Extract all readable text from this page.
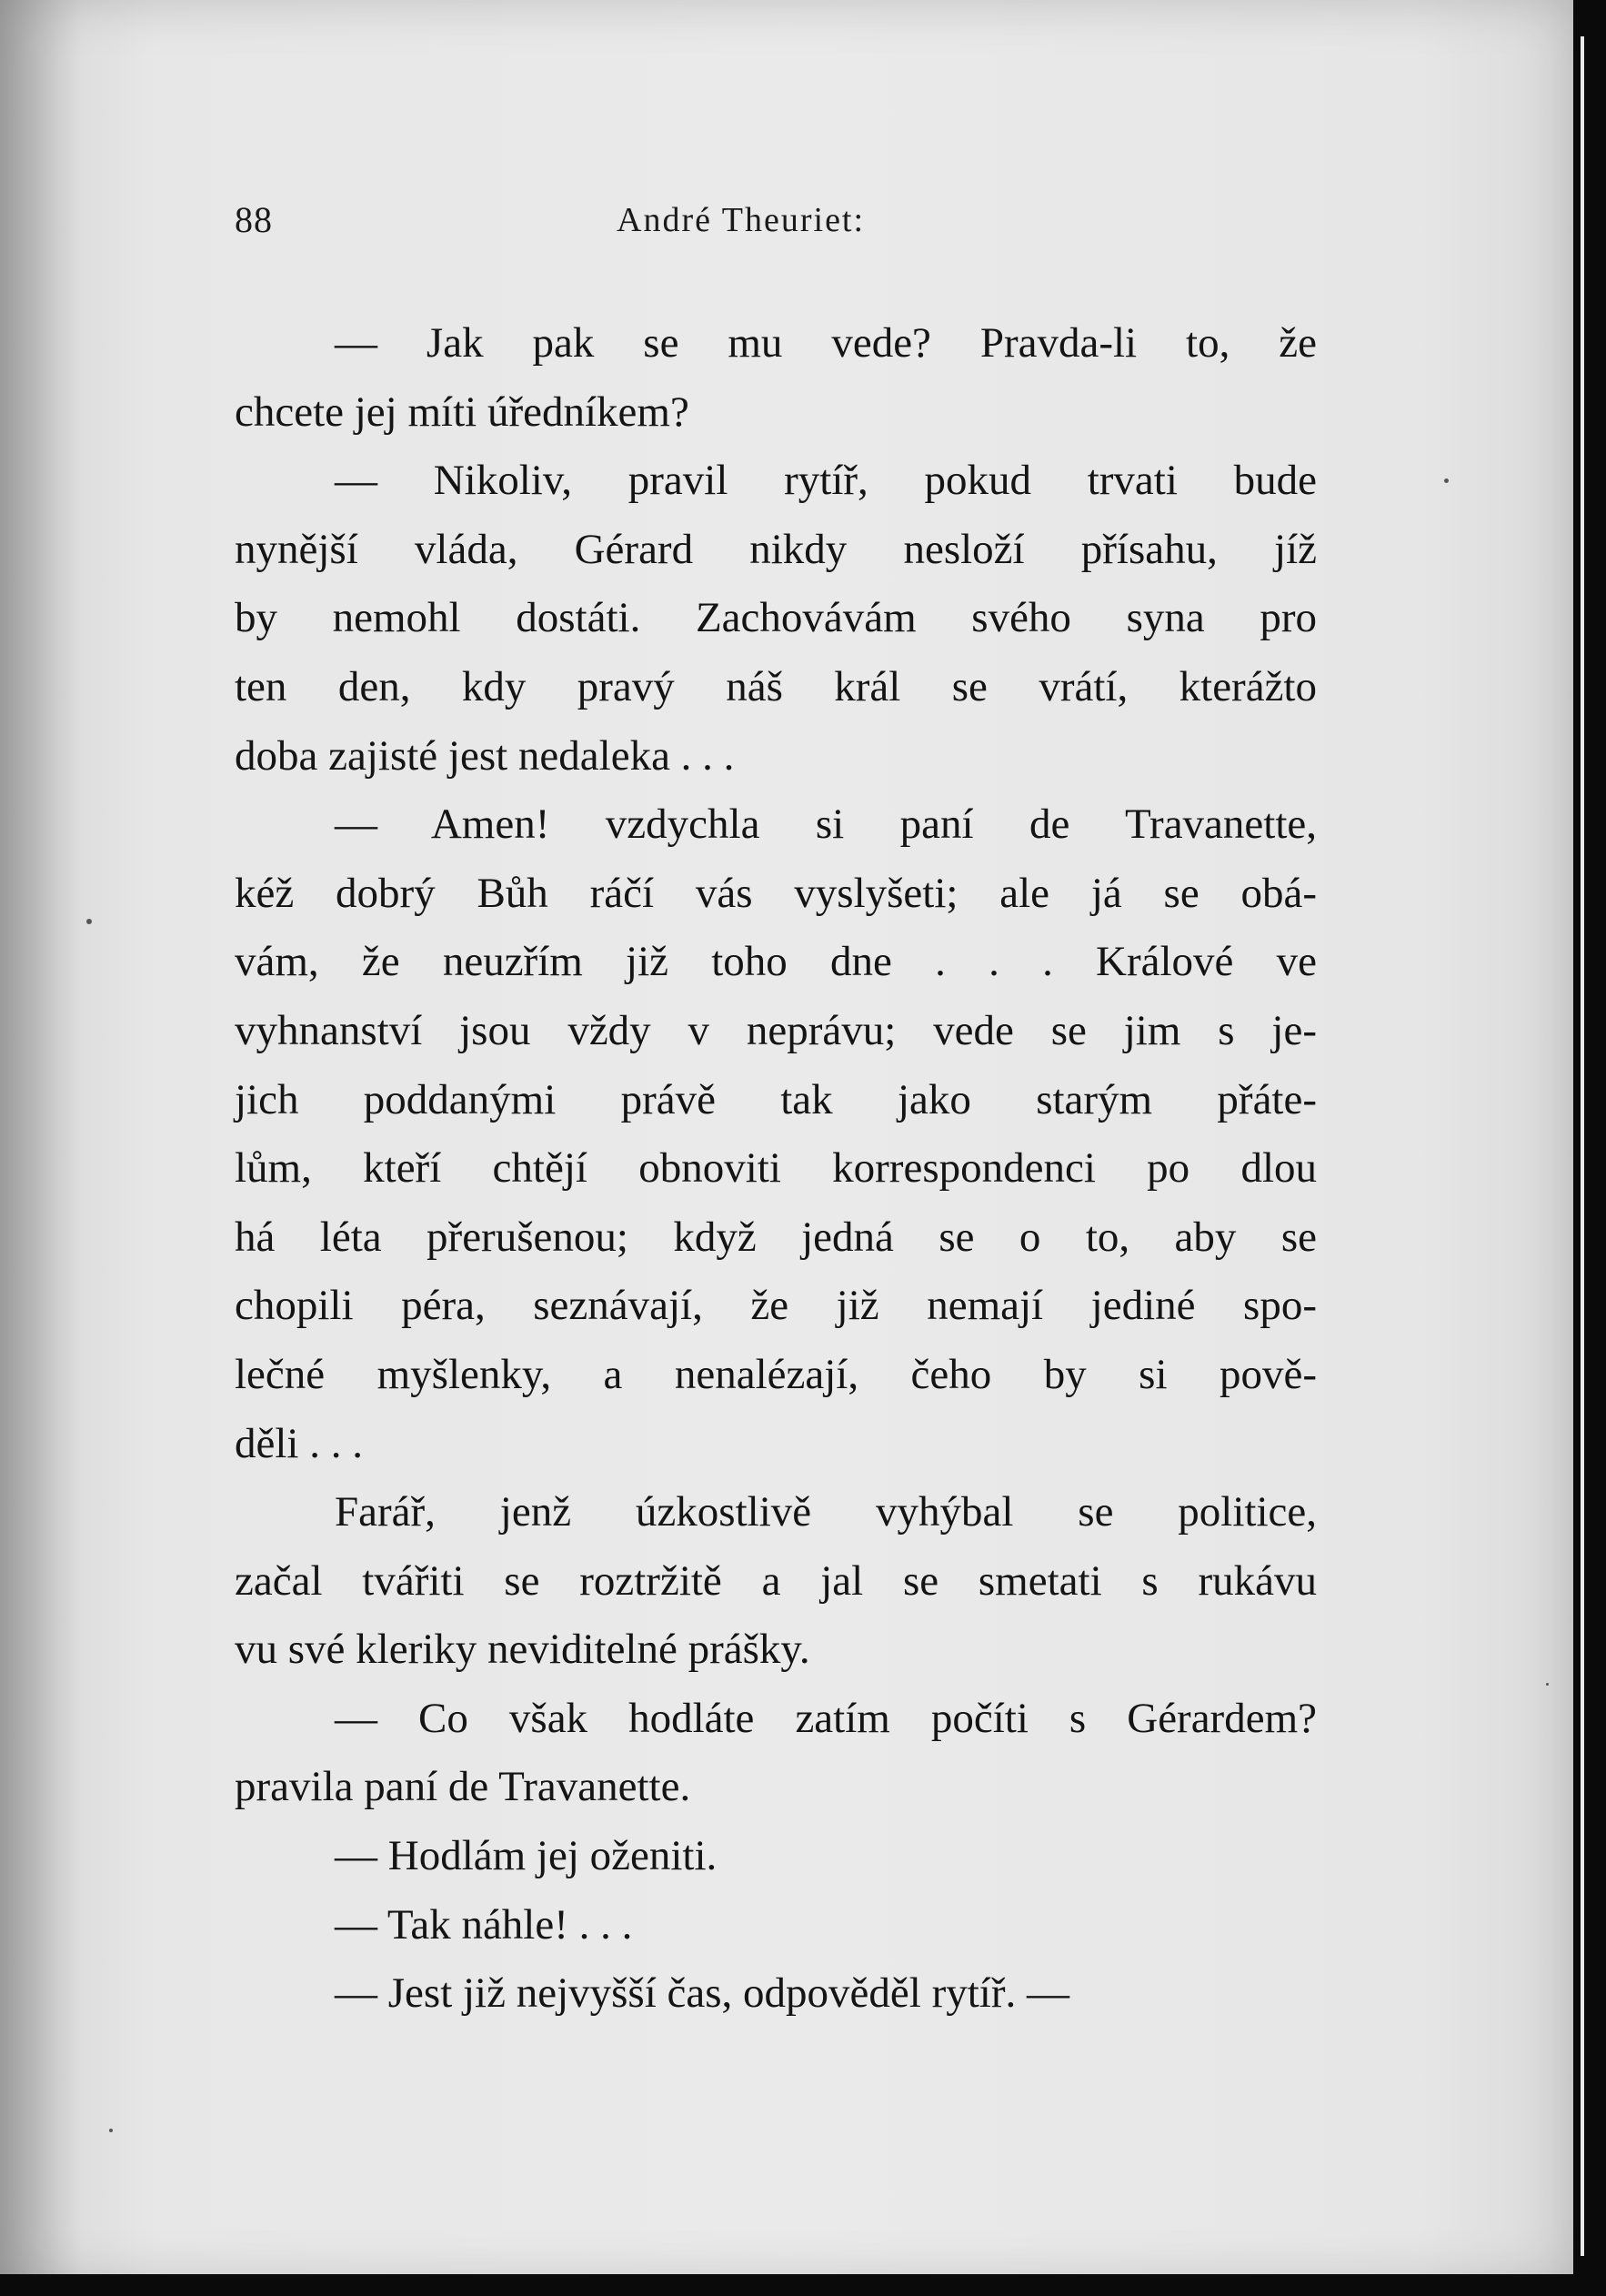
88	André Theuriet:
— Jak pak se mu vede? Pravda-li to, že
chcete jej míti úředníkem?
— Nikoliv, pravil rytíř, pokud trvati bude
nynější vláda, Gérard nikdy nesloží přísahu, jíž
by nemohl dostáti. Zachovávám svého syna pro
ten den, kdy pravý náš král se vrátí, kterážto
doba zajisté jest nedaleka . . .
— Amen! vzdychla si paní de Travanette,
kéž dobrý Bůh ráčí vás vyslyšeti; ale já se obá-
vám, že neuzřím již toho dne . . . Králové ve
vyhnanství jsou vždy v neprávu; vede se jim s je-
jich poddanými právě tak jako starým přáte-
lům, kteří chtějí obnoviti korrespondenci po dlou
há léta přerušenou; když jedná se o to, aby se
chopili péra, seznávají, že již nemají jediné spo-
lečné myšlenky, a nenalézají, čeho by si pově-
děli . . .
Farář, jenž úzkostlivě vyhýbal se politice,
začal tvářiti se roztržitě a jal se smetati s rukávu
vu své kleriky neviditelné prášky.
— Co však hodláte zatím počíti s Gérardem?
pravila paní de Travanette.
— Hodlám jej oženiti.
— Tak náhle! . . .
— Jest již nejvyšší čas, odpověděl rytíř. —
